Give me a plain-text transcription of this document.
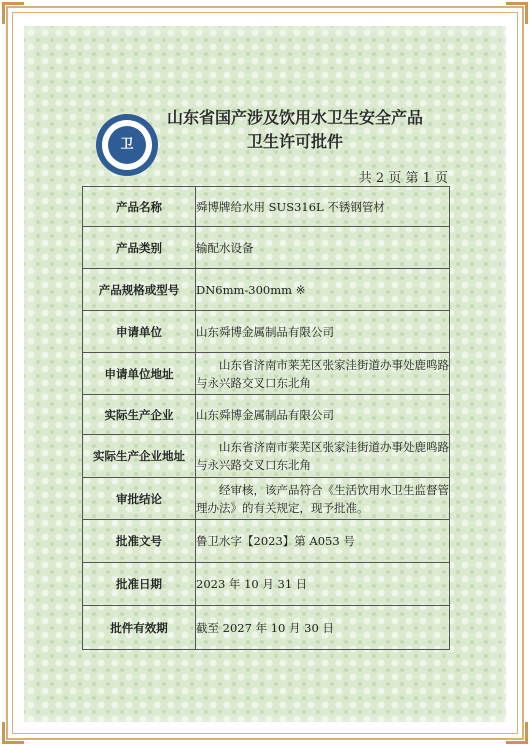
卫
山东省国产涉及饮用水卫生安全产品
卫生许可批件
共 2 页 第 1 页
产品名称	舜博牌给水用 SUS316L 不锈钢管材
产品类别	输配水设备
产品规格或型号	DN6mm-300mm ※
申请单位	山东舜博金属制品有限公司
申请单位地址	山东省济南市莱芜区张家洼街道办事处鹿鸣路与永兴路交叉口东北角
实际生产企业	山东舜博金属制品有限公司
实际生产企业地址	山东省济南市莱芜区张家洼街道办事处鹿鸣路与永兴路交叉口东北角
审批结论	经审核，该产品符合《生活饮用水卫生监督管理办法》的有关规定，现予批准。
批准文号	鲁卫水字【2023】第 A053 号
批准日期	2023 年 10 月 31 日
批件有效期	截至 2027 年 10 月 30 日
